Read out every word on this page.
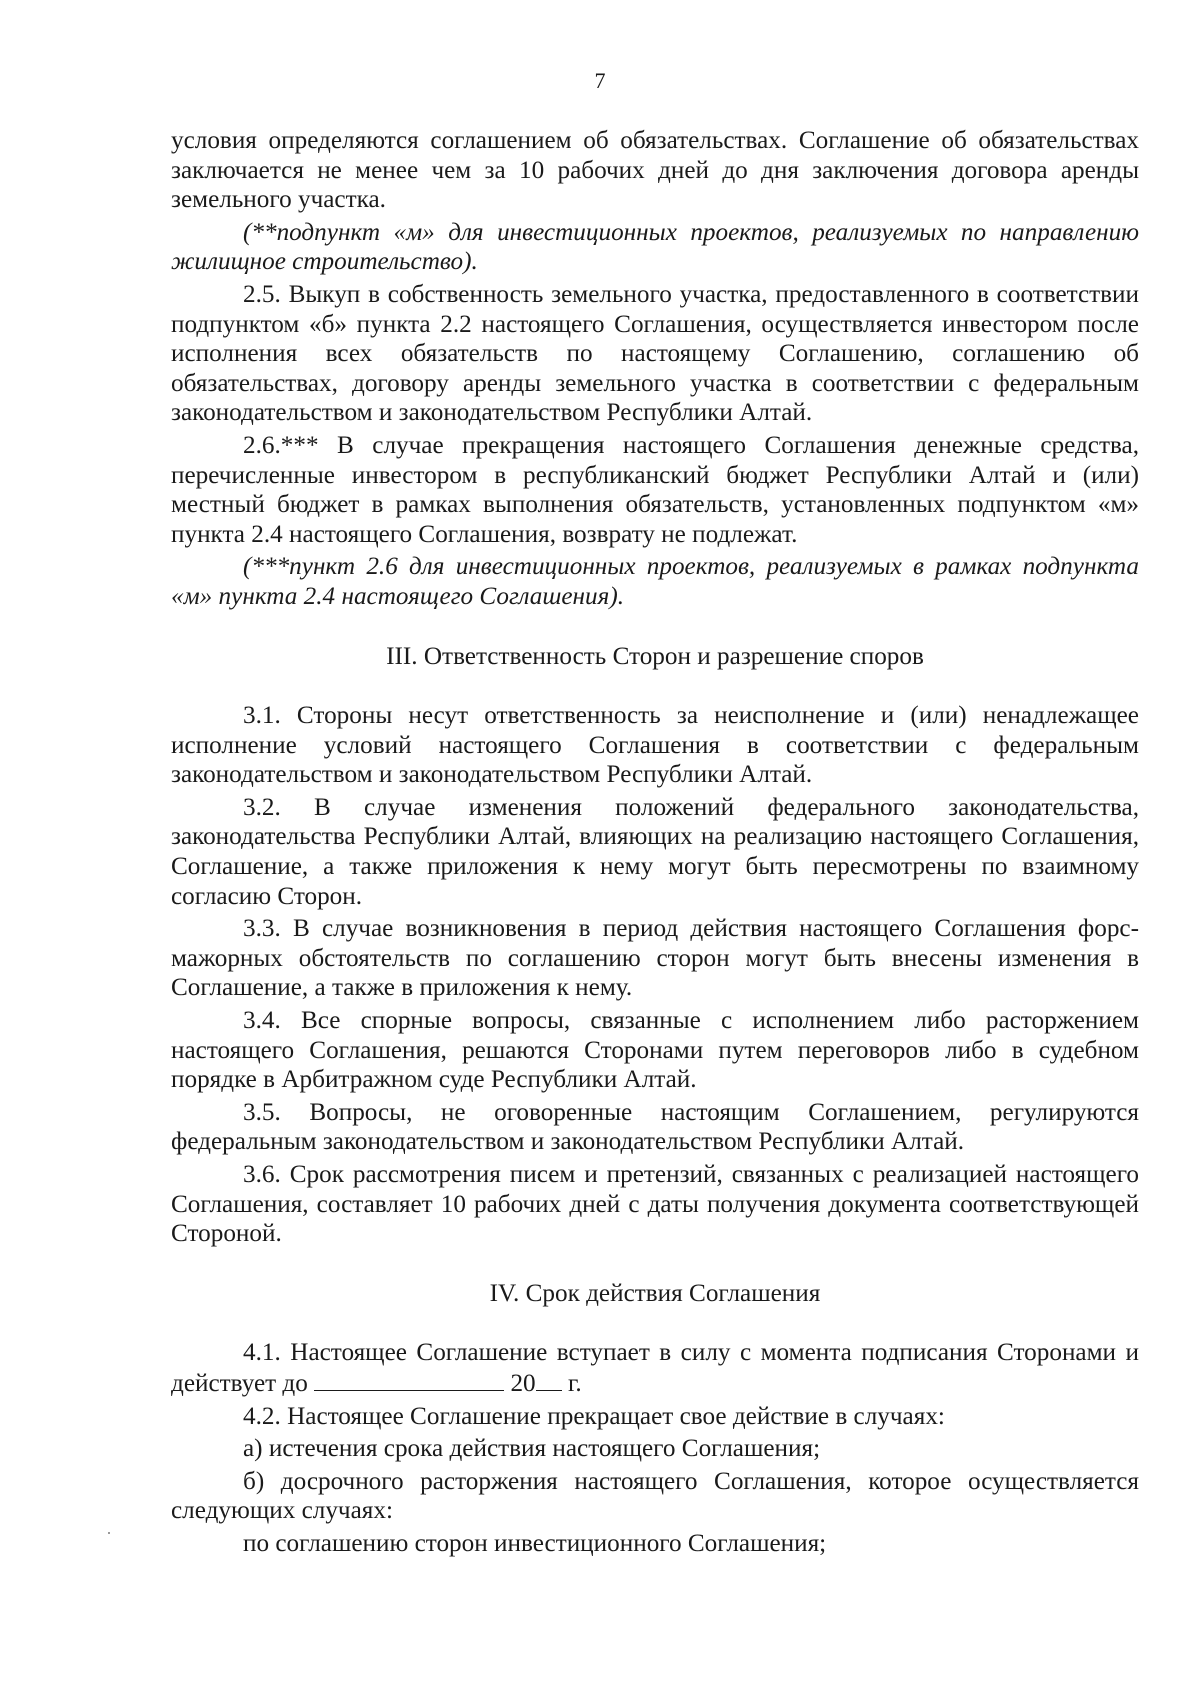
7

условия определяются соглашением об обязательствах. Соглашение об обязательствах заключается не менее чем за 10 рабочих дней до дня заключения договора аренды земельного участка.

(**подпункт «м» для инвестиционных проектов, реализуемых по направлению жилищное строительство).

2.5. Выкуп в собственность земельного участка, предоставленного в соответствии подпунктом «б» пункта 2.2 настоящего Соглашения, осуществляется инвестором после исполнения всех обязательств по настоящему Соглашению, соглашению об обязательствах, договору аренды земельного участка в соответствии с федеральным законодательством и законодательством Республики Алтай.

2.6.*** В случае прекращения настоящего Соглашения денежные средства, перечисленные инвестором в республиканский бюджет Республики Алтай и (или) местный бюджет в рамках выполнения обязательств, установленных подпунктом «м» пункта 2.4 настоящего Соглашения, возврату не подлежат.

(***пункт 2.6 для инвестиционных проектов, реализуемых в рамках подпункта «м» пункта 2.4 настоящего Соглашения).

III. Ответственность Сторон и разрешение споров

3.1. Стороны несут ответственность за неисполнение и (или) ненадлежащее исполнение условий настоящего Соглашения в соответствии с федеральным законодательством и законодательством Республики Алтай.

3.2. В случае изменения положений федерального законодательства, законодательства Республики Алтай, влияющих на реализацию настоящего Соглашения, Соглашение, а также приложения к нему могут быть пересмотрены по взаимному согласию Сторон.

3.3. В случае возникновения в период действия настоящего Соглашения форс-мажорных обстоятельств по соглашению сторон могут быть внесены изменения в Соглашение, а также в приложения к нему.

3.4. Все спорные вопросы, связанные с исполнением либо расторжением настоящего Соглашения, решаются Сторонами путем переговоров либо в судебном порядке в Арбитражном суде Республики Алтай.

3.5. Вопросы, не оговоренные настоящим Соглашением, регулируются федеральным законодательством и законодательством Республики Алтай.

3.6. Срок рассмотрения писем и претензий, связанных с реализацией настоящего Соглашения, составляет 10 рабочих дней с даты получения документа соответствующей Стороной.

IV. Срок действия Соглашения

4.1. Настоящее Соглашение вступает в силу с момента подписания Сторонами и действует до	20 г.

4.2. Настоящее Соглашение прекращает свое действие в случаях:

а) истечения срока действия настоящего Соглашения;

б) досрочного расторжения настоящего Соглашения, которое осуществляется следующих случаях:

по соглашению сторон инвестиционного Соглашения;
